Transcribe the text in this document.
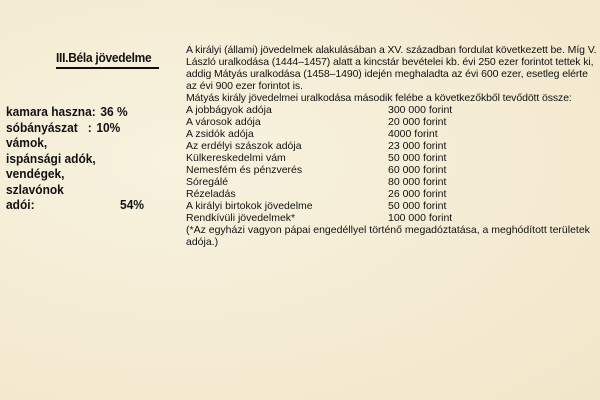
III.Béla jövedelme
kamara haszna: 36 %
sóbányászat   : 10%
vámok,
ispánsági adók,
vendégek,
szlavónok
adói:	54%

A királyi (állami) jövedelmek alakulásában a XV. században fordulat következett be. Míg V. László uralkodása (1444–1457) alatt a kincstár bevételei kb. évi 250 ezer forintot tettek ki, addig Mátyás uralkodása (1458–1490) idején meghaladta az évi 600 ezer, esetleg elérte az évi 900 ezer forintot is.

Mátyás király jövedelmei uralkodása második felébe a következőkből tevődött össze:

A jobbágyok adója	300 000 forint
A városok adója	20 000 forint
A zsidók adója	4000 forint
Az erdélyi szászok adója	23 000 forint
Külkereskedelmi vám	50 000 forint
Nemesfém és pénzverés	60 000 forint
Sóregálé	80 000 forint
Rézeladás	26 000 forint
A királyi birtokok jövedelme	50 000 forint
Rendkívüli jövedelmek*	100 000 forint

(*Az egyházi vagyon pápai engedéllyel történő megadóztatása, a meghódított területek adója.)
